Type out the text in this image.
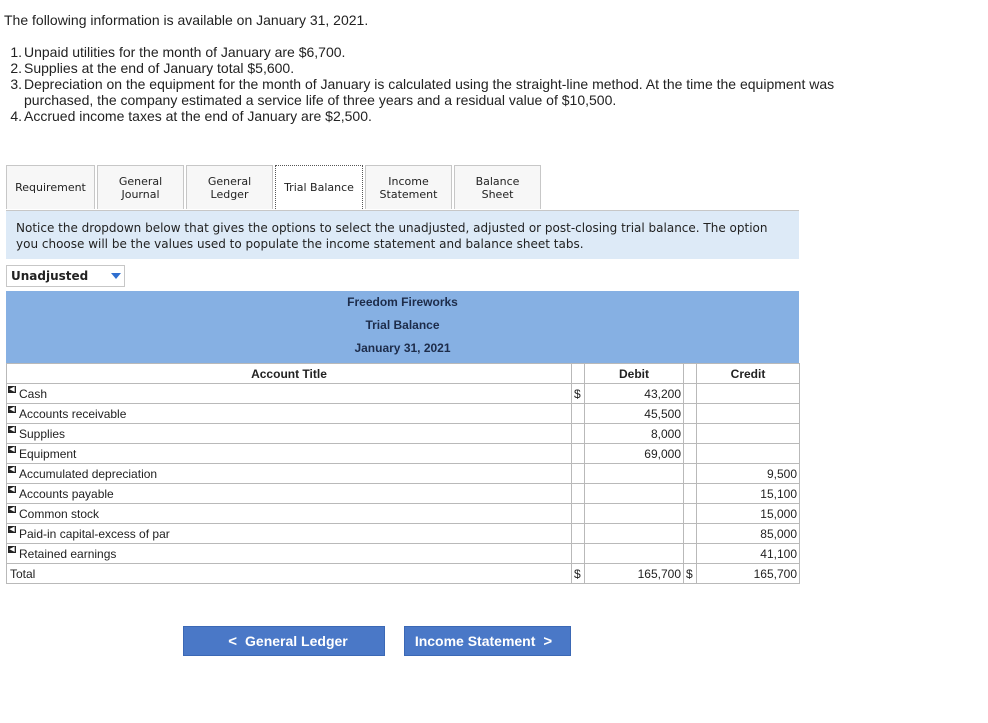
The following information is available on January 31, 2021.
1. Unpaid utilities for the month of January are $6,700.
2. Supplies at the end of January total $5,600.
3. Depreciation on the equipment for the month of January is calculated using the straight-line method. At the time the equipment was purchased, the company estimated a service life of three years and a residual value of $10,500.
4. Accrued income taxes at the end of January are $2,500.
Requirement	General Journal
General Ledger	Trial Balance	Income Statement
Balance Sheet
Notice the dropdown below that gives the options to select the unadjusted, adjusted or post-closing trial balance. The option you choose will be the values used to populate the income statement and balance sheet tabs.
Unadjusted
Freedom Fireworks
Trial Balance
January 31, 2021
Account Title		Debit		Credit

◀ Cash	$	43,200		

◀ Accounts receivable		45,500		

◀ Supplies		8,000		

◀ Equipment		69,000		

◀ Accumulated depreciation				9,500

◀ Accounts payable				15,100

◀ Common stock				15,000

◀ Paid-in capital-excess of par				85,000

◀ Retained earnings				41,100
Total	$	165,700	$	165,700
< General Ledger	Income Statement >
